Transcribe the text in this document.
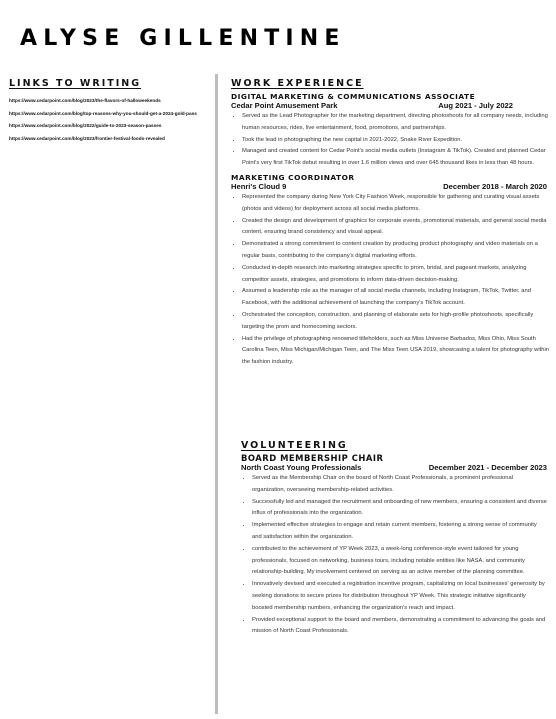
ALYSE GILLENTINE
LINKS TO WRITING
https://www.cedarpoint.com/blog/2023/the-flavors-of-halloweekends
https://www.cedarpoint.com/blog/top-reasons-why-you-should-get-a-2024-gold-pass
https://www.cedarpoint.com/blog/2022/guide-to-2023-season-passes
https://www.cedarpoint.com/blog/2023/frontier-festival-foods-revealed
WORK EXPERIENCE
DIGITAL MARKETING & COMMUNICATIONS ASSOCIATE
Cedar Point Amusement Park	Aug 2021 - July 2022
• Served as the Lead Photographer for the marketing department, directing photoshoots for all company needs, including human resources, rides, live entertainment, food, promotions, and partnerships.
• Took the lead in photographing the new capital in 2021-2022, Snake River Expedition.
• Managed and created content for Cedar Point's social media outlets (Instagram & TikTok). Created and planned Cedar Point's very first TikTok debut resulting in over 1.6 million views and over 645 thousand likes in less than 48 hours.
MARKETING COORDINATOR
Henri's Cloud 9	December 2018 - March 2020
• Represented the company during New York City Fashion Week, responsible for gathering and curating visual assets (photos and videos) for deployment across all social media platforms.
• Created the design and development of graphics for corporate events, promotional materials, and general social media content, ensuring brand consistency and visual appeal.
• Demonstrated a strong commitment to content creation by producing product photography and video materials on a regular basis, contributing to the company's digital marketing efforts.
• Conducted in-depth research into marketing strategies specific to prom, bridal, and pageant markets, analyzing competitor assets, strategies, and promotions to inform data-driven decision-making.
• Assumed a leadership role as the manager of all social media channels, including Instagram, TikTok, Twitter, and Facebook, with the additional achievement of launching the company's TikTok account.
• Orchestrated the conception, construction, and planning of elaborate sets for high-profile photoshoots, specifically targeting the prom and homecoming sectors.
• Had the privilege of photographing renowned titleholders, such as Miss Universe Barbados, Miss Ohio, Miss South Carolina Teen, Miss Michigan/Michigan Teen, and The Miss Teen USA 2019, showcasing a talent for photography within the fashion industry.
VOLUNTEERING
BOARD MEMBERSHIP CHAIR
North Coast Young Professionals	December 2021 - December 2023
• Served as the Membership Chair on the board of North Coast Professionals, a prominent professional organization, overseeing membership-related activities.
• Successfully led and managed the recruitment and onboarding of new members, ensuring a consistent and diverse influx of professionals into the organization.
• Implemented effective strategies to engage and retain current members, fostering a strong sense of community and satisfaction within the organization.
• contributed to the achievement of YP Week 2023, a week-long conference-style event tailored for young professionals, focused on networking, business tours, including notable entities like NASA, and community relationship-building. My involvement centered on serving as an active member of the planning committee.
• Innovatively devised and executed a registration incentive program, capitalizing on local businesses' generosity by seeking donations to secure prizes for distribution throughout YP Week. This strategic initiative significantly boosted membership numbers, enhancing the organization's reach and impact.
• Provided exceptional support to the board and members, demonstrating a commitment to advancing the goals and mission of North Coast Professionals.
